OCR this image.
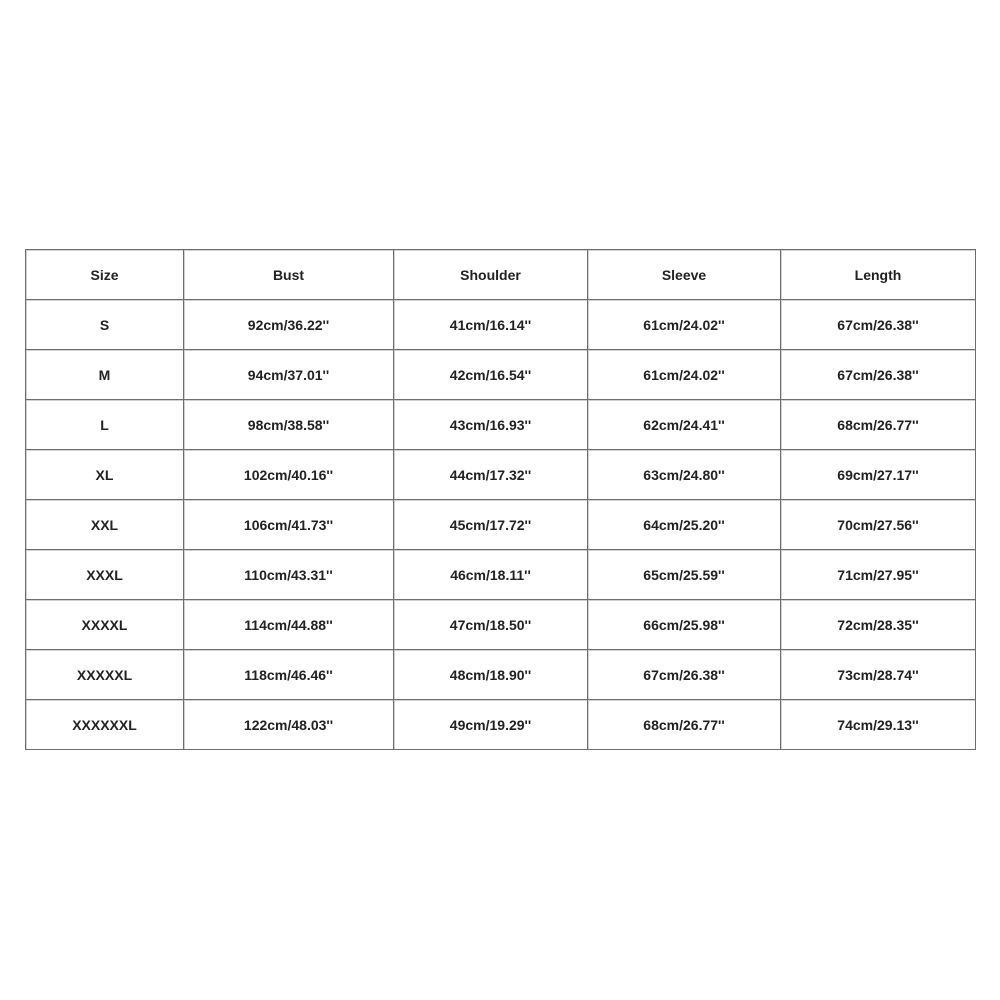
Size	Bust	Shoulder	Sleeve	Length
S	92cm/36.22''	41cm/16.14''	61cm/24.02''	67cm/26.38''
M	94cm/37.01''	42cm/16.54''	61cm/24.02''	67cm/26.38''
L	98cm/38.58''	43cm/16.93''	62cm/24.41''	68cm/26.77''
XL	102cm/40.16''	44cm/17.32''	63cm/24.80''	69cm/27.17''
XXL	106cm/41.73''	45cm/17.72''	64cm/25.20''	70cm/27.56''
XXXL	110cm/43.31''	46cm/18.11''	65cm/25.59''	71cm/27.95''
XXXXL	114cm/44.88''	47cm/18.50''	66cm/25.98''	72cm/28.35''
XXXXXL	118cm/46.46''	48cm/18.90''	67cm/26.38''	73cm/28.74''
XXXXXXL	122cm/48.03''	49cm/19.29''	68cm/26.77''	74cm/29.13''
